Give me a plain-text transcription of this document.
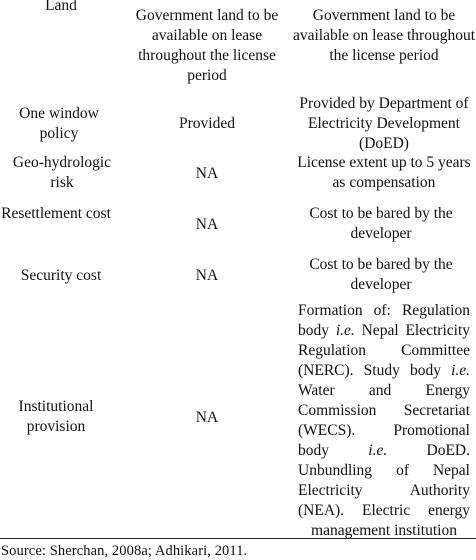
Land
Government land to be available on lease throughout the license period
Government land to be available on lease throughout the license period
One window policy
Provided
Provided by Department of Electricity Development (DoED)
Geo-hydrologic risk
NA
License extent up to 5 years as compensation
Resettlement cost
NA
Cost to be bared by the developer
Security cost	NA
Cost to be bared by the developer
Institutional provision
NA
Formation of: Regulation body i.e. Nepal Electricity Regulation Committee (NERC). Study body i.e. Water and Energy Commission Secretariat (WECS). Promotional body i.e. DoED. Unbundling of Nepal Electricity Authority (NEA). Electric energy management institution
Source: Sherchan, 2008a; Adhikari, 2011.
